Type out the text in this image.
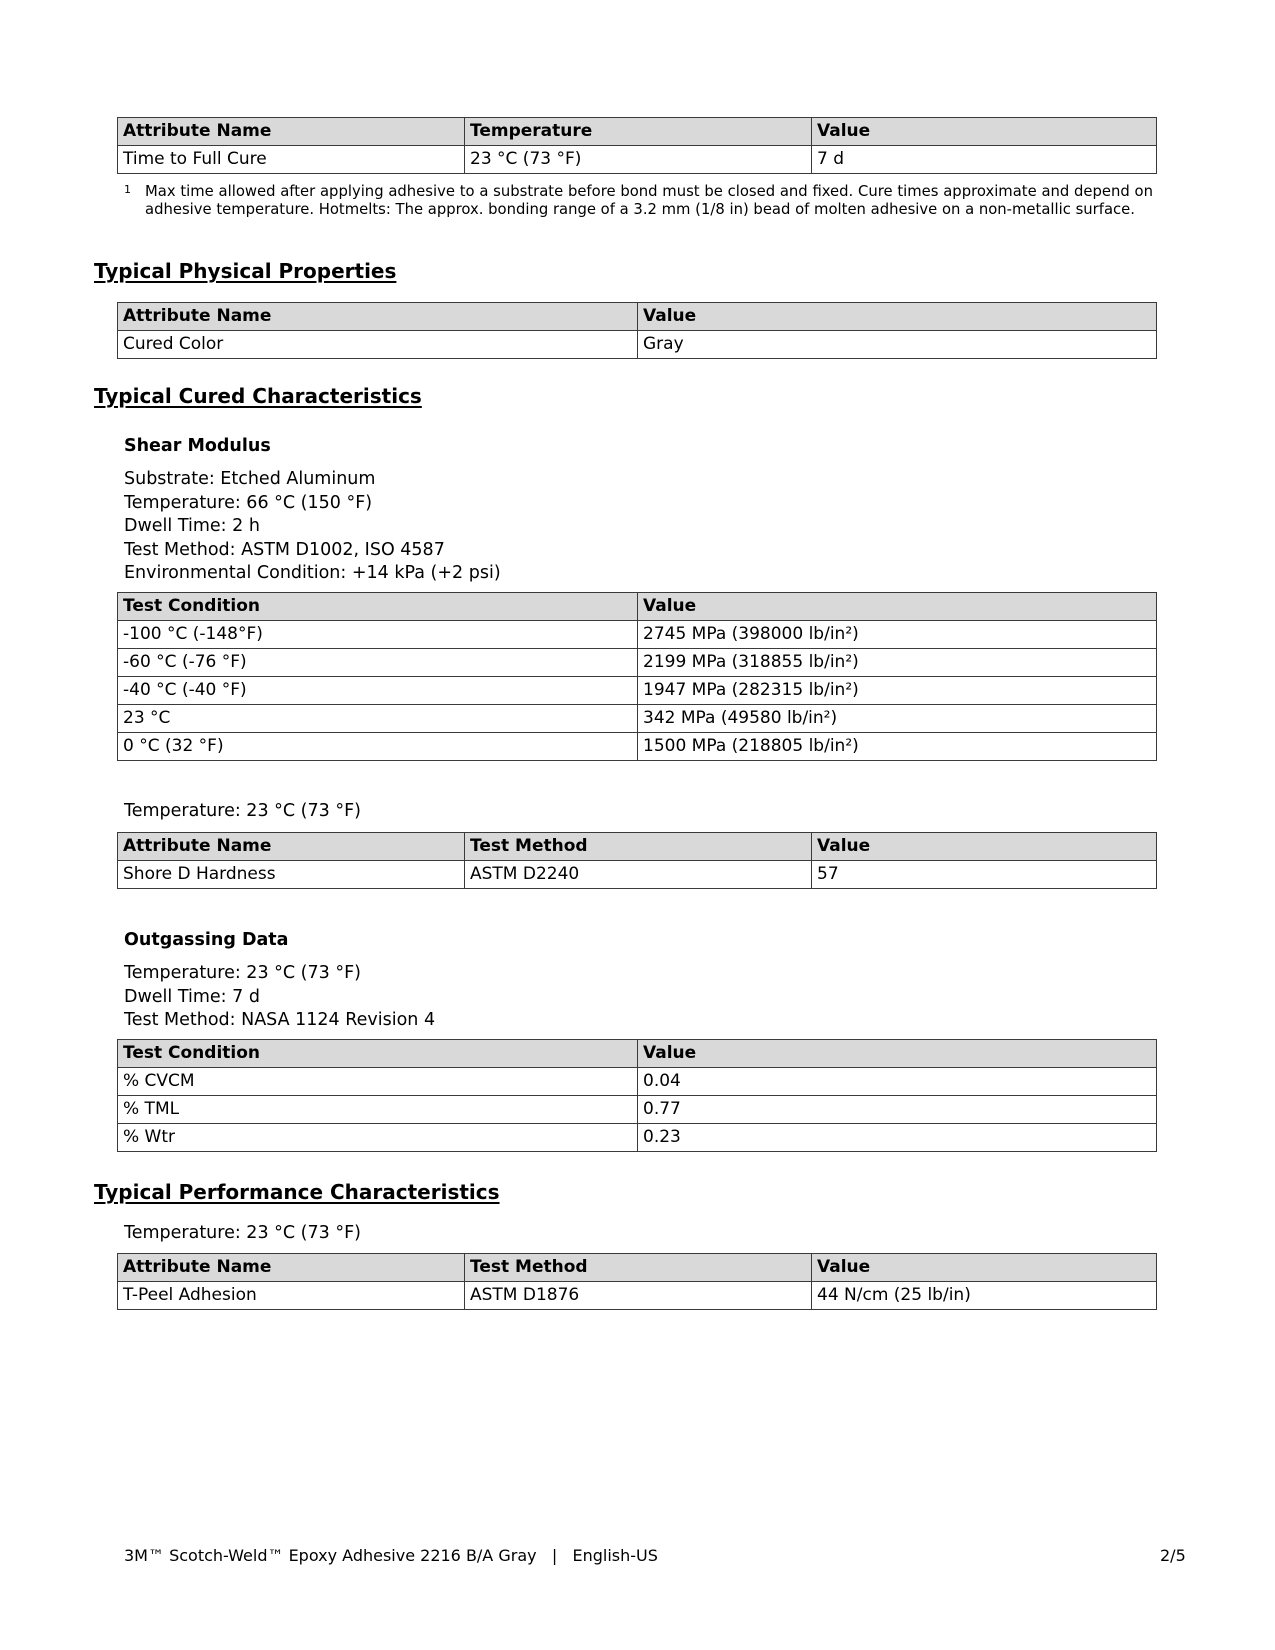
Attribute Name	Temperature	Value
Time to Full Cure	23 °C (73 °F)	7 d
1 Max time allowed after applying adhesive to a substrate before bond must be closed and fixed. Cure times approximate and depend on adhesive temperature. Hotmelts: The approx. bonding range of a 3.2 mm (1/8 in) bead of molten adhesive on a non-metallic surface.
Typical Physical Properties
Attribute Name	Value
Cured Color	Gray
Typical Cured Characteristics
Shear Modulus
Substrate: Etched Aluminum
Temperature: 66 °C (150 °F)
Dwell Time: 2 h
Test Method: ASTM D1002, ISO 4587
Environmental Condition: +14 kPa (+2 psi)
Test Condition	Value
-100 °C (-148°F)	2745 MPa (398000 lb/in²)
-60 °C (-76 °F)	2199 MPa (318855 lb/in²)
-40 °C (-40 °F)	1947 MPa (282315 lb/in²)
23 °C	342 MPa (49580 lb/in²)
0 °C (32 °F)	1500 MPa (218805 lb/in²)
Temperature: 23 °C (73 °F)
Attribute Name	Test Method	Value
Shore D Hardness	ASTM D2240	57
Outgassing Data
Temperature: 23 °C (73 °F)
Dwell Time: 7 d
Test Method: NASA 1124 Revision 4
Test Condition	Value
% CVCM	0.04
% TML	0.77
% Wtr	0.23
Typical Performance Characteristics
Temperature: 23 °C (73 °F)
Attribute Name	Test Method	Value
T-Peel Adhesion	ASTM D1876	44 N/cm (25 lb/in)
3M™ Scotch-Weld™ Epoxy Adhesive 2216 B/A Gray   |   English-US	2/5
